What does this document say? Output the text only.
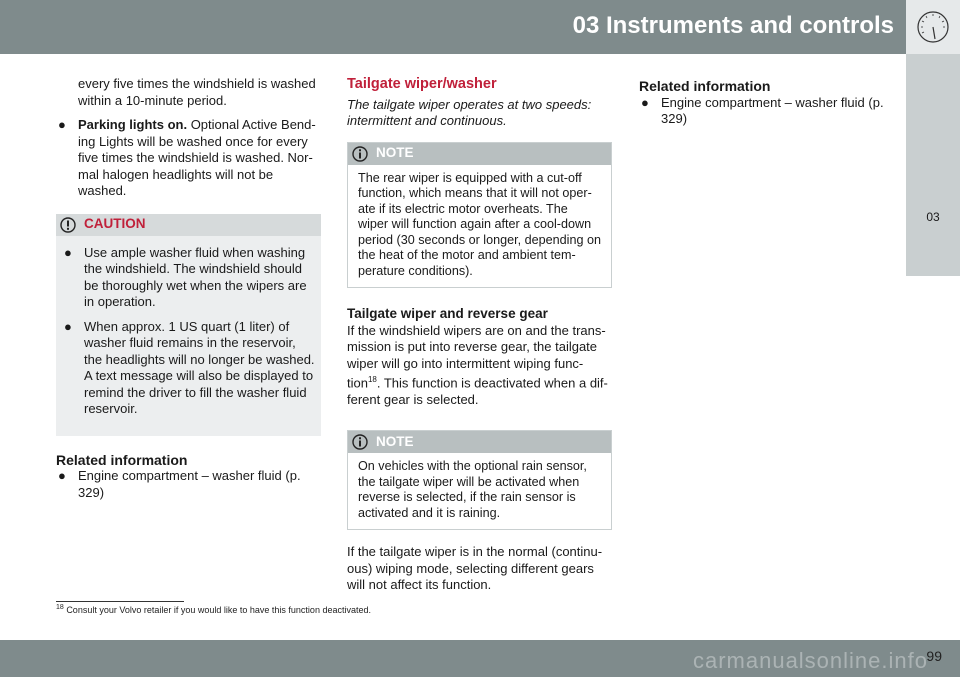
03 Instruments and controls
03

every five times the windshield is washed within a 10-minute period.

● Parking lights on. Optional Active Bend-ing Lights will be washed once for every five times the windshield is washed. Nor-mal halogen headlights will not be washed.
CAUTION
● Use ample washer fluid when washing the windshield. The windshield should be thoroughly wet when the wipers are in operation.
● When approx. 1 US quart (1 liter) of washer fluid remains in the reservoir, the headlights will no longer be washed. A text message will also be displayed to remind the driver to fill the washer fluid reservoir.

Related information

● Engine compartment – washer fluid (p. 329)

Tailgate wiper/washer

The tailgate wiper operates at two speeds: intermittent and continuous.

NOTE
The rear wiper is equipped with a cut-off function, which means that it will not oper-ate if its electric motor overheats. The wiper will function again after a cool-down period (30 seconds or longer, depending on the heat of the motor and ambient tem-perature conditions).

Tailgate wiper and reverse gear

If the windshield wipers are on and the trans-mission is put into reverse gear, the tailgate wiper will go into intermittent wiping func-tion$^{18}$. This function is deactivated when a dif-ferent gear is selected.

NOTE
On vehicles with the optional rain sensor, the tailgate wiper will be activated when reverse is selected, if the rain sensor is activated and it is raining.

If the tailgate wiper is in the normal (continu-ous) wiping mode, selecting different gears will not affect its function.

Related information

● Engine compartment – washer fluid (p. 329)
$^{18}$ Consult your Volvo retailer if you would like to have this function deactivated.
99
carmanualsonline.info
